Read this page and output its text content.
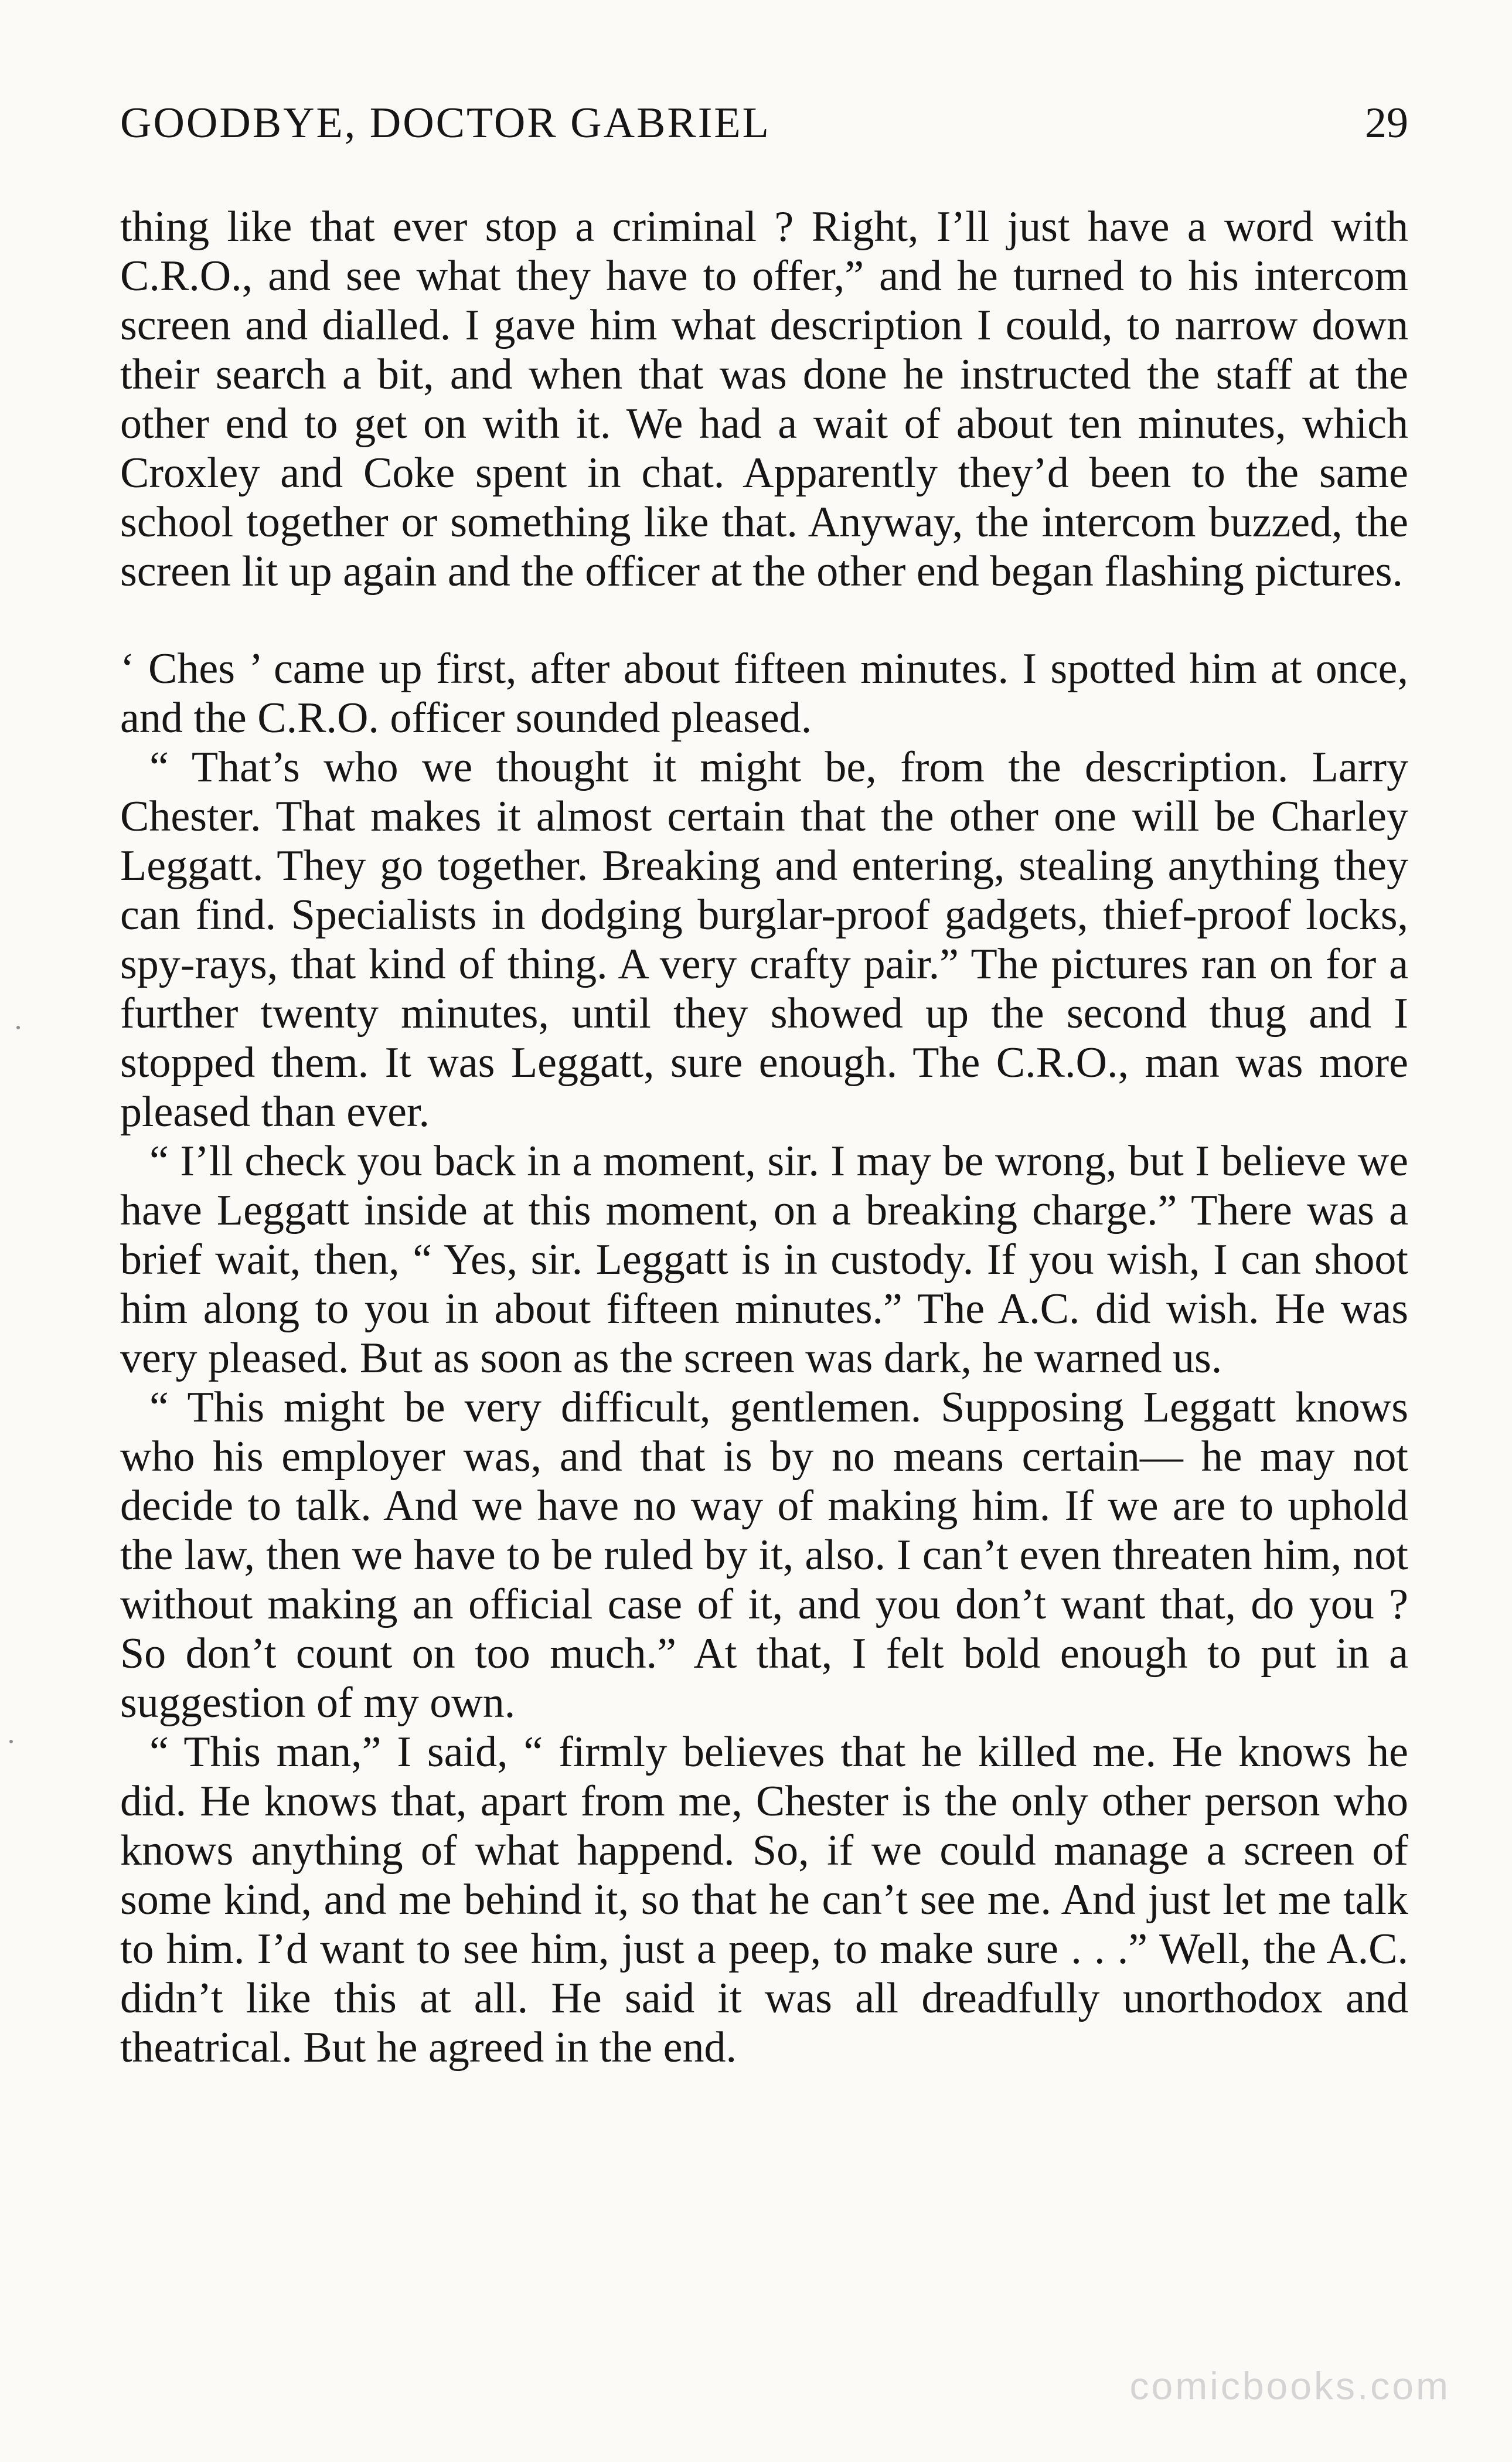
GOODBYE, DOCTOR GABRIEL	29

thing like that ever stop a criminal ? Right, I’ll just have a word with C.R.O., and see what they have to offer,” and he turned to his intercom screen and dialled. I gave him what description I could, to narrow down their search a bit, and when that was done he instructed the staff at the other end to get on with it. We had a wait of about ten minutes, which Croxley and Coke spent in chat. Apparently they’d been to the same school together or something like that. Anyway, the intercom buzzed, the screen lit up again and the officer at the other end began flashing pictures.

‘ Ches ’ came up first, after about fifteen minutes. I spotted him at once, and the C.R.O. officer sounded pleased.

“ That’s who we thought it might be, from the description. Larry Chester. That makes it almost certain that the other one will be Charley Leggatt. They go together. Breaking and entering, stealing anything they can find. Specialists in dodging burglar-proof gadgets, thief-proof locks, spy-rays, that kind of thing. A very crafty pair.” The pictures ran on for a further twenty minutes, until they showed up the second thug and I stopped them. It was Leggatt, sure enough. The C.R.O., man was more pleased than ever.

“ I’ll check you back in a moment, sir. I may be wrong, but I believe we have Leggatt inside at this moment, on a breaking charge.” There was a brief wait, then, “ Yes, sir. Leggatt is in custody. If you wish, I can shoot him along to you in about fifteen minutes.” The A.C. did wish. He was very pleased. But as soon as the screen was dark, he warned us.

“ This might be very difficult, gentlemen. Supposing Leggatt knows who his employer was, and that is by no means certain— he may not decide to talk. And we have no way of making him. If we are to uphold the law, then we have to be ruled by it, also. I can’t even threaten him, not without making an official case of it, and you don’t want that, do you ? So don’t count on too much.” At that, I felt bold enough to put in a suggestion of my own.

“ This man,” I said, “ firmly believes that he killed me. He knows he did. He knows that, apart from me, Chester is the only other person who knows anything of what happend. So, if we could manage a screen of some kind, and me behind it, so that he can’t see me. And just let me talk to him. I’d want to see him, just a peep, to make sure . . .” Well, the A.C. didn’t like this at all. He said it was all dreadfully unorthodox and theatrical. But he agreed in the end.

comicbooks.com
